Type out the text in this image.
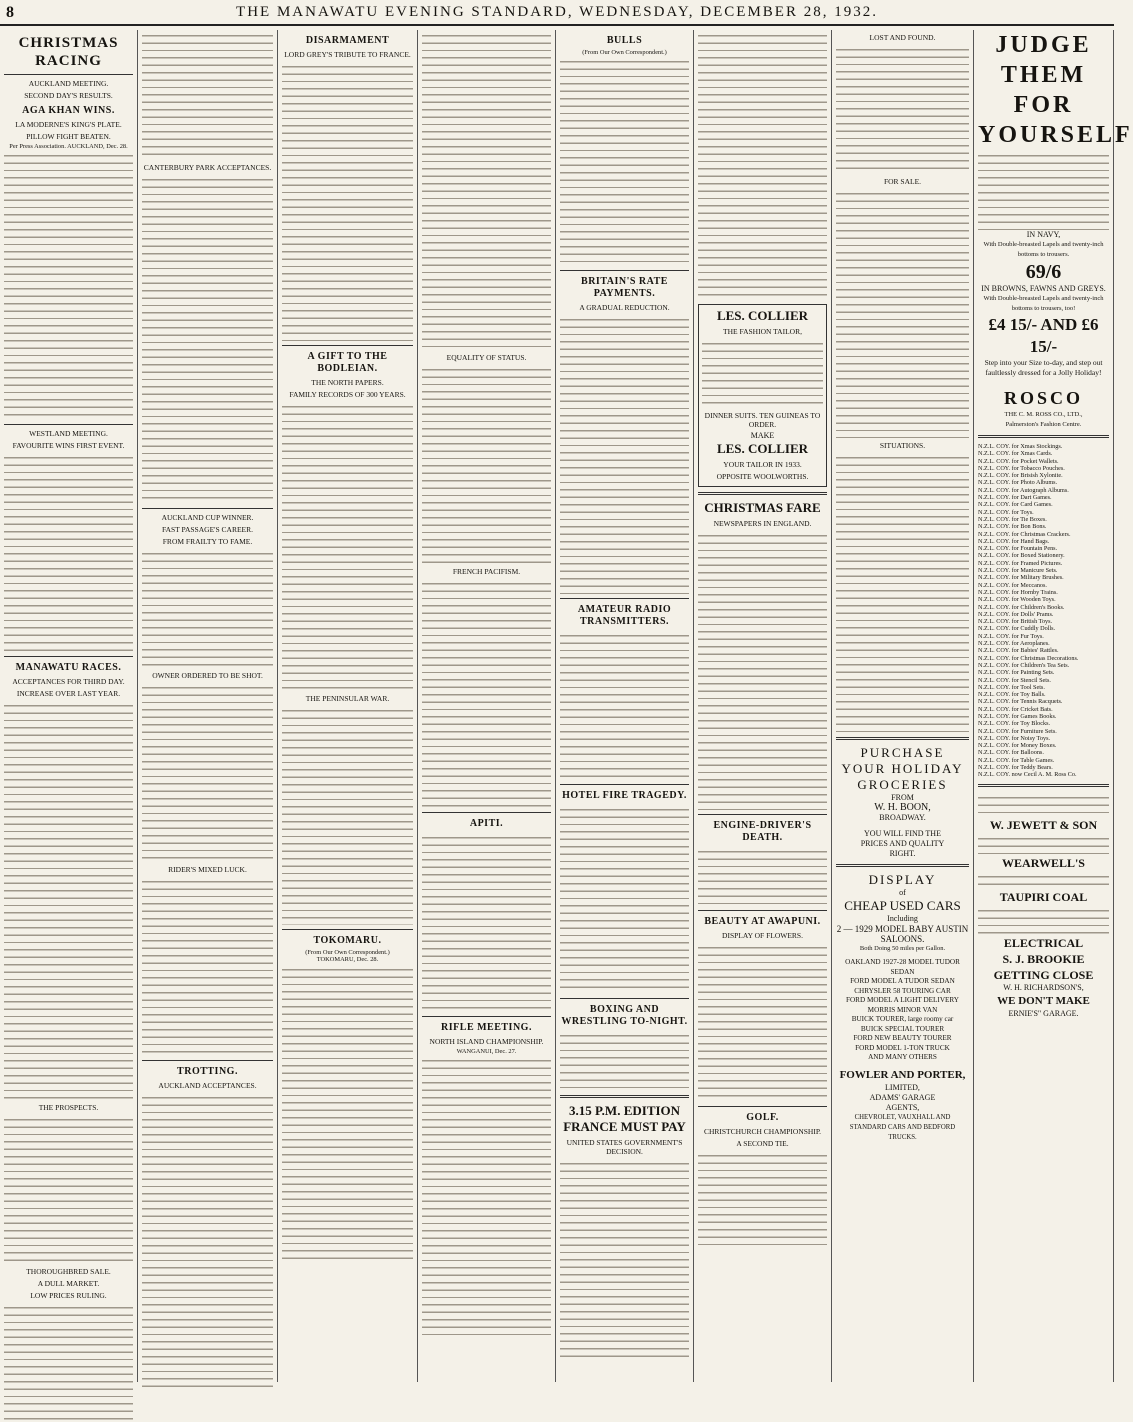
8	THE MANAWATU EVENING STANDARD, WEDNESDAY, DECEMBER 28, 1932.
CHRISTMAS RACING
AUCKLAND MEETING.
SECOND DAY'S RESULTS.
AGA KHAN WINS.
LA MODERNE'S KING'S PLATE.
PILLOW FIGHT BEATEN.
Per Press Association. AUCKLAND, Dec. 28.
WESTLAND MEETING.
FAVOURITE WINS FIRST EVENT.
MANAWATU RACES.
ACCEPTANCES FOR THIRD DAY.
INCREASE OVER LAST YEAR.
THE PROSPECTS.
THOROUGHBRED SALE.
A DULL MARKET.
LOW PRICES RULING.
CANTERBURY PARK ACCEPTANCES.
AUCKLAND CUP WINNER.
FAST PASSAGE'S CAREER.
FROM FRAILTY TO FAME.
OWNER ORDERED TO BE SHOT.
RIDER'S MIXED LUCK.
TROTTING.
AUCKLAND ACCEPTANCES.
DISARMAMENT
LORD GREY'S TRIBUTE TO FRANCE.
A GIFT TO THE BODLEIAN.
THE NORTH PAPERS.
FAMILY RECORDS OF 300 YEARS.
THE PENINSULAR WAR.
TOKOMARU.
(From Our Own Correspondent.)
TOKOMARU, Dec. 28.
EQUALITY OF STATUS.
FRENCH PACIFISM.
APITI.
RIFLE MEETING.
NORTH ISLAND CHAMPIONSHIP.
WANGANUI, Dec. 27.
BULLS
(From Our Own Correspondent.)
BRITAIN'S RATE PAYMENTS.
A GRADUAL REDUCTION.
AMATEUR RADIO TRANSMITTERS.
HOTEL FIRE TRAGEDY.
BOXING AND WRESTLING TO-NIGHT.
3.15 P.M. EDITION
FRANCE MUST PAY
UNITED STATES GOVERNMENT'S DECISION.
LES. COLLIER
THE FASHION TAILOR,
DINNER SUITS. TEN GUINEAS TO ORDER.
MAKE
LES. COLLIER
YOUR TAILOR IN 1933.
OPPOSITE WOOLWORTHS.
CHRISTMAS FARE
NEWSPAPERS IN ENGLAND.
ENGINE-DRIVER'S DEATH.
BEAUTY AT AWAPUNI.
DISPLAY OF FLOWERS.
GOLF.
CHRISTCHURCH CHAMPIONSHIP.
A SECOND TIE.
LOST AND FOUND.
FOR SALE.
SITUATIONS.
PURCHASE
YOUR HOLIDAY
GROCERIES
FROM
W. H. BOON,
BROADWAY.
YOU WILL FIND THE
PRICES AND QUALITY
RIGHT.
DISPLAY
of
CHEAP USED CARS
Including
2 — 1929 MODEL BABY AUSTIN SALOONS.
Both Doing 50 miles per Gallon.
OAKLAND 1927-28 MODEL TUDOR SEDAN
FORD MODEL A TUDOR SEDAN
CHRYSLER 58 TOURING CAR
FORD MODEL A LIGHT DELIVERY
MORRIS MINOR VAN
BUICK TOURER, large roomy car
BUICK SPECIAL TOURER
FORD NEW BEAUTY TOURER
FORD MODEL 1-TON TRUCK
AND MANY OTHERS
FOWLER AND PORTER,
LIMITED,
ADAMS' GARAGE
AGENTS,
CHEVROLET, VAUXHALL AND STANDARD CARS AND BEDFORD TRUCKS.
JUDGE
THEM
FOR
YOURSELF
IN NAVY,
With Double-breasted Lapels and twenty-inch bottoms to trousers.
69/6
IN BROWNS, FAWNS AND GREYS.
With Double-breasted Lapels and twenty-inch bottoms to trousers, too!
£4 15/- AND £6 15/-
Step into your Size to-day, and step out faultlessly dressed for a Jolly Holiday!
ROSCO
THE C. M. ROSS CO., LTD.,
Palmerston's Fashion Centre.
N.Z.L. COY. for Xmas Stockings.
N.Z.L. COY. for Xmas Cards.
N.Z.L. COY. for Pocket Wallets.
N.Z.L. COY. for Tobacco Pouches.
N.Z.L. COY. for Brisish Xylonite.
N.Z.L. COY. for Photo Albums.
N.Z.L. COY. for Autograph Albums.
N.Z.L. COY. for Dart Games.
N.Z.L. COY. for Card Games.
N.Z.L. COY. for Toys.
N.Z.L. COY. for Tie Boxes.
N.Z.L. COY. for Bon Bons.
N.Z.L. COY. for Christmas Crackers.
N.Z.L. COY. for Hand Bags.
N.Z.L. COY. for Fountain Pens.
N.Z.L. COY. for Boxed Stationery.
N.Z.L. COY. for Framed Pictures.
N.Z.L. COY. for Manicure Sets.
N.Z.L. COY. for Military Brushes.
N.Z.L. COY. for Meccanos.
N.Z.L. COY. for Hornby Trains.
N.Z.L. COY. for Wooden Toys.
N.Z.L. COY. for Children's Books.
N.Z.L. COY. for Dolls' Prams.
N.Z.L. COY. for British Toys.
N.Z.L. COY. for Cuddly Dolls.
N.Z.L. COY. for Fur Toys.
N.Z.L. COY. for Aeroplanes.
N.Z.L. COY. for Babies' Rattles.
N.Z.L. COY. for Christmas Decorations.
N.Z.L. COY. for Children's Tea Sets.
N.Z.L. COY. for Painting Sets.
N.Z.L. COY. for Stencil Sets.
N.Z.L. COY. for Tool Sets.
N.Z.L. COY. for Toy Balls.
N.Z.L. COY. for Tennis Racquets.
N.Z.L. COY. for Cricket Bats.
N.Z.L. COY. for Games Books.
N.Z.L. COY. for Toy Blocks.
N.Z.L. COY. for Furniture Sets.
N.Z.L. COY. for Noisy Toys.
N.Z.L. COY. for Money Boxes.
N.Z.L. COY. for Balloons.
N.Z.L. COY. for Table Games.
N.Z.L. COY. for Teddy Bears.
N.Z.L. COY. now Cecil A. M. Ross Co.
W. JEWETT & SON
WEARWELL'S
TAUPIRI COAL
ELECTRICAL
S. J. BROOKIE
GETTING CLOSE
W. H. RICHARDSON'S,
WE DON'T MAKE
ERNIE'S" GARAGE.
